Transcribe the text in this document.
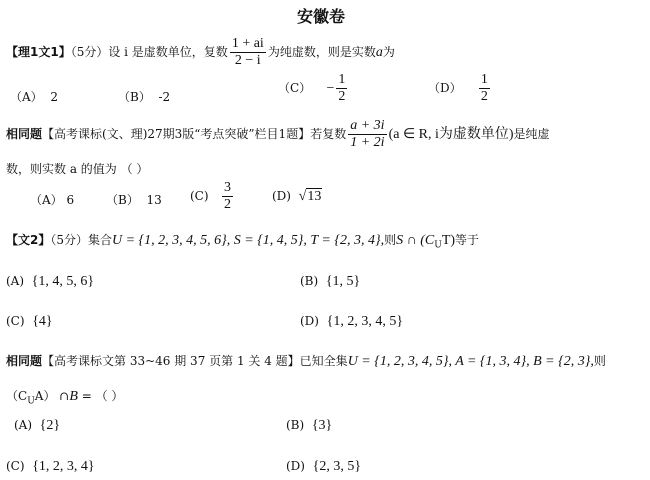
安徽卷
【理1文1】（5分）设 i 是虚数单位，复数 $\frac{1 + ai}{2 - i}$ 为纯虚数，则是实数a为
（A） 2	（B） -2
$(C) - \frac{1}{2}$	$(D) \frac{1}{2}$
相同题【高考课标(文、理)27期3版“考点突破”栏目1题】若复数 $\frac{a + 3i}{1 + 2i} (a$ ∈ R, i为虚数单位)是纯虚
数，则实数 a 的值为 （ ）
（A） 6	（B） 13 $(C) \frac{3}{2}$	(D) √13
【文2】（5分）集合U = {1, 2, 3, 4, 5, 6}, S = {1, 4, 5}, T = {2, 3, 4},则S ∩ $(C_UT)$等于
(A) {1, 4, 5, 6}	(B) {1, 5}
(C) {4}	(D) {1, 2, 3, 4, 5}
相同题【高考课标文第 33~46 期 37 页第 1 关 4 题】已知全集U = {1, 2, 3, 4, 5}, A = {1, 3, 4}, B = {2, 3},则
$(C_UA)$ ∩B = （ ）
(A) {2}	(B) {3}
(C) {1, 2, 3, 4}	(D) {2, 3, 5}
